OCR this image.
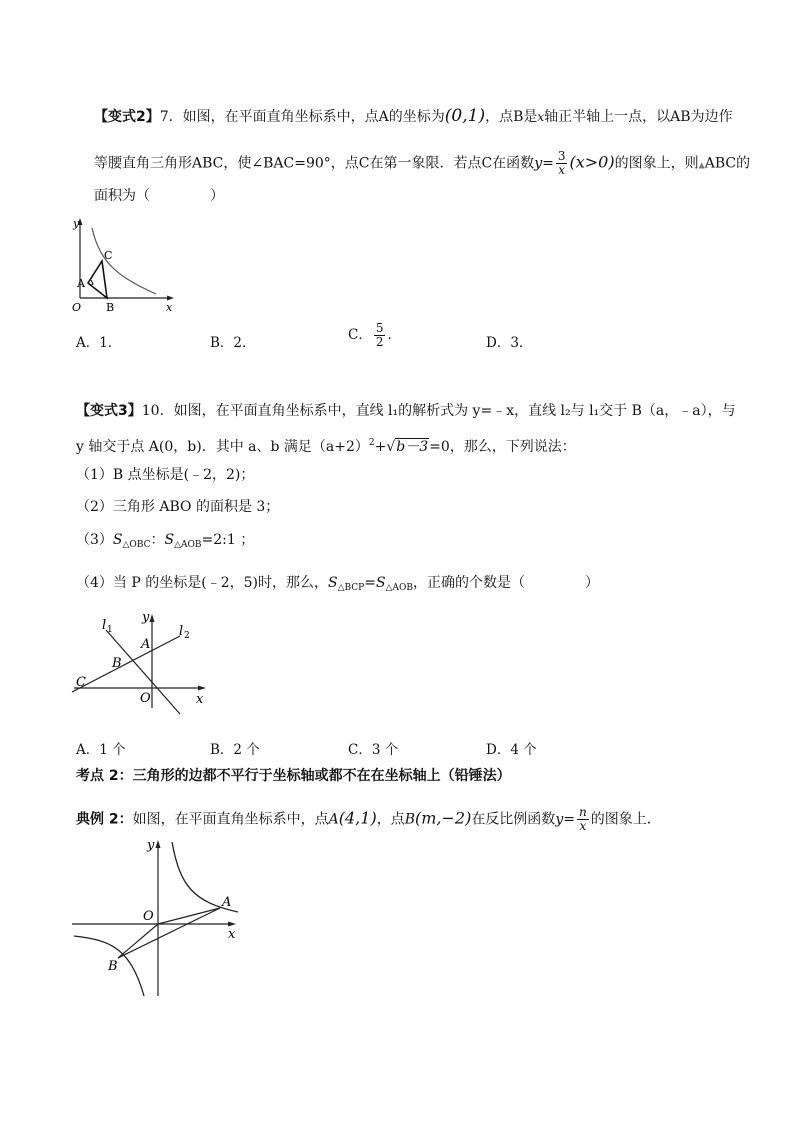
【变式2】7．如图，在平面直角坐标系中，点A的坐标为(0,1)，点B是x轴正半轴上一点，以AB为边作
等腰直角三角形ABC，使∠BAC=90°，点C在第一象限．若点C在函数$y= \frac{3}{x} (x>0)$的图象上，则▲ABC的
面积为（	）
y
C
A
O B	x
A．1．	B．2．	C． $\frac{5}{2}$ ．	D．3．
【变式3】10．如图，在平面直角坐标系中，直线 l₁的解析式为 y=﹣x，直线 l₂与 l₁交于 B（a，﹣a），与
y 轴交于点 A(0，b)．其中 a、b 满足$(a+2)^2+√b-3=0$，那么，下列说法：
（1）B 点坐标是(﹣2，2)；
（2）三角形 ABO 的面积是 3；
$(3)S_{\triangle OBC}$：$S_{\triangle AOB}=2:1$ ；
（4）当 P 的坐标是(﹣2，5)时，那么，$S_{\triangle BCP}=S_{\triangle AOB}$，正确的个数是（	）
l 1
y
A
l 2
B
C
O	x
A．1 个	B．2 个	C．3 个	D．4 个
考点 2：三角形的边都不平行于坐标轴或都不在在坐标轴上（铅锤法）
典例 2：如图，在平面直角坐标系中，点A(4,1)，点B(m,−2)在反比例函数$y= \frac{n}{x}$ 的图象上．
y
A
O
x
B
